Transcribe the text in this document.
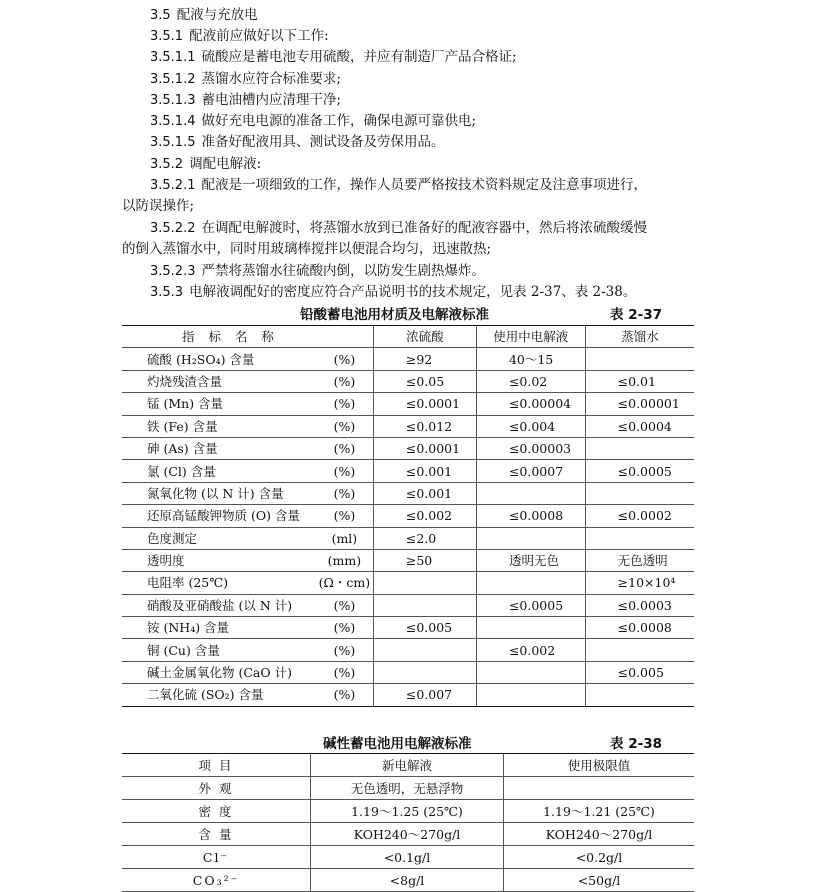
3.5 配液与充放电
3.5.1 配液前应做好以下工作:
3.5.1.1 硫酸应是蓄电池专用硫酸，并应有制造厂产品合格证;
3.5.1.2 蒸馏水应符合标准要求;
3.5.1.3 蓄电油槽内应清理干净;
3.5.1.4 做好充电电源的准备工作，确保电源可靠供电;
3.5.1.5 准备好配液用具、测试设备及劳保用品。
3.5.2 调配电解液:
3.5.2.1 配液是一项细致的工作，操作人员要严格按技术资料规定及注意事项进行，
以防误操作;
3.5.2.2 在调配电解渡时，将蒸馏水放到已准备好的配液容器中，然后将浓硫酸缓慢
的倒入蒸馏水中，同时用玻璃棒搅拌以便混合均匀，迅速散热;
3.5.2.3 严禁将蒸馏水往硫酸内倒，以防发生剧热爆炸。
3.5.3 电解液调配好的密度应符合产品说明书的技术规定，见表 2-37、表 2-38。
铅酸蓄电池用材质及电解液标准	表 2-37
指 标 名 称		浓硫酸	使用中电解液	蒸馏水
硫酸 (H₂SO₄) 含量	(%)	≥92	40～15	
灼烧残渣含量	(%)	≤0.05	≤0.02	≤0.01
锰 (Mn) 含量	(%)	≤0.0001	≤0.00004	≤0.00001
铁 (Fe) 含量	(%)	≤0.012	≤0.004	≤0.0004
砷 (As) 含量	(%)	≤0.0001	≤0.00003	
氯 (Cl) 含量	(%)	≤0.001	≤0.0007	≤0.0005
氮氧化物 (以 N 计) 含量	(%)	≤0.001		
还原高锰酸钾物质 (O) 含量	(%)	≤0.002	≤0.0008	≤0.0002
色度测定	(ml)	≤2.0		
透明度	(mm)	≥50	透明无色	无色透明
电阻率 (25℃)	(Ω・cm)			≥10×10⁴
硝酸及亚硝酸盐 (以 N 计)	(%)		≤0.0005	≤0.0003
铵 (NH₄) 含量	(%)	≤0.005		≤0.0008
铜 (Cu) 含量	(%)		≤0.002	
碱土金属氧化物 (CaO 计)	(%)			≤0.005
二氧化硫 (SO₂) 含量	(%)	≤0.007		
碱性蓄电池用电解液标准	表 2-38
项 目	新电解液	使用极限值
外 观	无色透明，无悬浮物	
密 度	1.19～1.25 (25℃)	1.19～1.21 (25℃)
含 量	KOH240～270g/l	KOH240～270g/l
Cl⁻	<0.1g/l	<0.2g/l
CO₃²⁻	<8g/l	<50g/l
